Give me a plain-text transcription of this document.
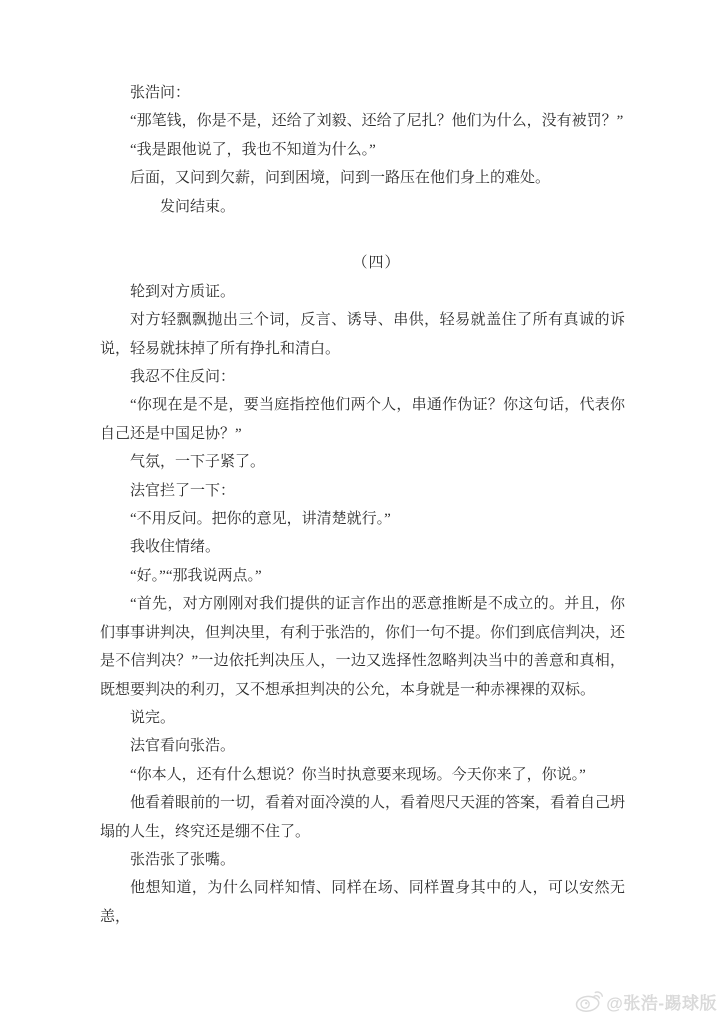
张浩问：

“那笔钱，你是不是，还给了刘毅、还给了尼扎？他们为什么，没有被罚？”

“我是跟他说了，我也不知道为什么。”

后面，又问到欠薪，问到困境，问到一路压在他们身上的难处。

发问结束。

（四）

轮到对方质证。

对方轻飘飘抛出三个词，反言、诱导、串供，轻易就盖住了所有真诚的诉说，轻易就抹掉了所有挣扎和清白。

我忍不住反问：

“你现在是不是，要当庭指控他们两个人，串通作伪证？你这句话，代表你自己还是中国足协？”

气氛，一下子紧了。

法官拦了一下：

“不用反问。把你的意见，讲清楚就行。”

我收住情绪。

“好。”“那我说两点。”

“首先，对方刚刚对我们提供的证言作出的恶意推断是不成立的。并且，你们事事讲判决，但判决里，有利于张浩的，你们一句不提。你们到底信判决，还是不信判决？”一边依托判决压人，一边又选择性忽略判决当中的善意和真相，既想要判决的利刃，又不想承担判决的公允，本身就是一种赤裸裸的双标。

说完。

法官看向张浩。

“你本人，还有什么想说？你当时执意要来现场。今天你来了，你说。”

他看着眼前的一切，看着对面冷漠的人，看着咫尺天涯的答案，看着自己坍塌的人生，终究还是绷不住了。

张浩张了张嘴。

他想知道，为什么同样知情、同样在场、同样置身其中的人，可以安然无恙，

@张浩-踢球版
